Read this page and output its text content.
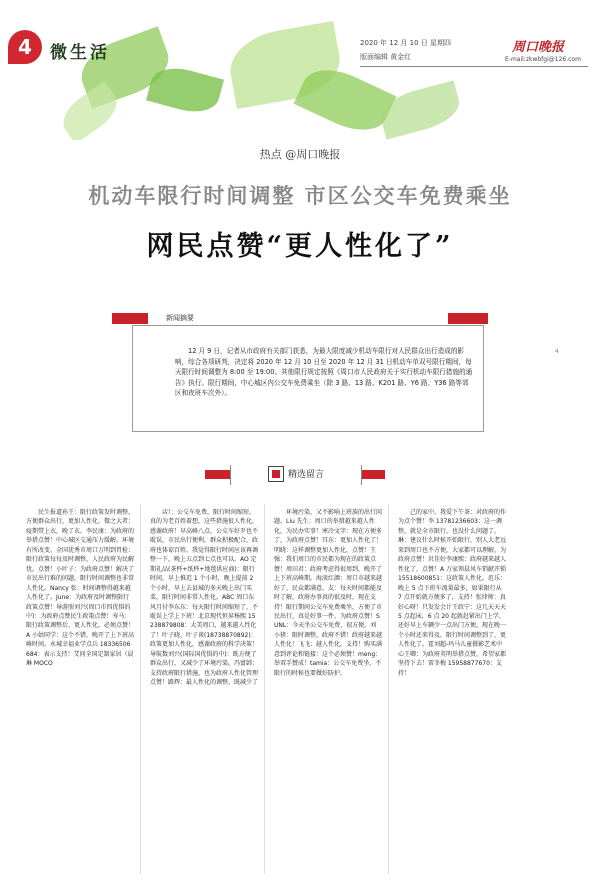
4	微生活	2020 年 12 月 10 日 星期四
版面编辑 黄金红
周口晚报
E-mail:zkwbfgi@126.com
热点 @周口晚报
机动车限行时间调整 市区公交车免费乘坐
网民点赞“更人性化了”
新闻摘要
12 月 9 日，记者从市政府有关部门获悉，为最大限度减少机动车限行对人民群众出行造成的影响，综合各项研判，决定将 2020 年 12 月 10 日至 2020 年 12 月 31 日机动车单双号限行期间，每天限行时间调整为 8:00 至 19:00。其他限行规定按照《周口市人民政府关于实行机动车限行措施的通告》执行。限行期间，中心城区内公交车免费乘坐（除 3 路、13 路、K201 路、Y6 路、Y36 路等郊区和夜班车次外）。
4
精选留言

民生报道孙王：限行政策发时调整，方便群众出行，更加人性化。微之大者：疫期带上衣，晚了衣。李民康：为政府的举措点赞！中心城区交通压力缓解，环境有所改变。全国优秀市周口万明到胃检：限行政策每每及时调整，人民政府为民解忧，点赞！小叶子：为政府点赞！解决了市民出行难的问题，限行时间调整也非常人性化。Nancy 张：时间调整得越来越人性化了。June：为政府及时调整限行政策点赞！导游照刘兴(周口市四优惧的中)：为政府点赞民生政策点赞！寿马：限行政策调整后，更人性化，必须点赞！A 小姑同学：这个不错，晚开了上下班高峰时间。永城幸福业学点兵 18336506684：表示支持！艾问全国定制家居（晨琳 MOCO

店）：公交车免费，限行时间缩短，真的为老百姓着想，这些措施很人性化，感谢政府！早高峰八点，公交车好歹也不耽误，市民出行便利，群众积极配合，政府也体谅百姓。我觉得限行时间应该再调整一下，晚上五点到七点也可以。AO 定期礼品(茶杯+纸杯+地毯供应商)：限行时间，早上推迟 1 个小时，晚上提前 2 个小时，早上去县城的多天晚上出门买菜，限行时间非常人性化。ABC 周口东风月付李东东：每天限行时间缩短了，不耽误上学上下班！北京现代恒昇杨熙 15238879808：大美周口，越来越人性化了！叶子晓、叶子谈(18738870892)：政策更加人性化，感谢政府的科学决策！导航数刘兴(国际国优惧的中)：既方便了群众出行，又减少了环境污染。冯富韩：支持政府限行措施，也为政府人性化管理点赞！路辉：最人性化的调整，既减少了

环境污染，又不影响上班族的出行问题。Liu 先生：周口的举措越来越人性化，为民办实事！寒冷文字：现在方便多了，为政府点赞！耳东：更加人性化了！明晓：这样调整更加人性化，点赞！王强：我们周口的市民都为现在的政策点赞！周田君：政府考虑得很周到，晚开了上下班高峰期。海淡红颜：周口市越来越好了，民众都满意。友：每天时间都能及时了解，政府办事真的很及时，现在支持！限行期间公交车免费乘坐，方便了市民出行，真是好事一件，为政府点赞！SUNL：今天坐公交车免费，很方便。刘小猪：限时调整，政府不错！政府越来越人性化！飞飞：越人性化，支持！购买满意到评论和链接：这个必须赞！meng：举双手赞成！tamia：公交车免费坐，不限行的时候也要做好防护。

己的家中。我爱下午茶：对政府的作为点个赞！李 13781236603：这一调整，就是全市限行，也没什么问题了。琳：建议什么时候开始限行，别人大老远来到周口也不方便，大家都可以理解，为政府点赞！贝佳好李康熙：政府越来越人性化了，点赞！A 万家领晨风车销献开锁 15518600851：这政策人性化。范乐：晚上 5 点下班车流量最多，如果限行从 7 点开始就方便多了，支持！张律师：真好心呀！只发发会计王政宁：这几天天天 5 点起床，6 点 20 起就赶紧出门上学，还好早上车辆少一点出门方便，现在晚一个小时还来得及，限行时间调整到了，更人性化了。霍刘超-玛马儿童摄影艺术中心王卿：为政府英明举措点赞，希望家都坚持下去！雷冬梅 15958877670：支持！
